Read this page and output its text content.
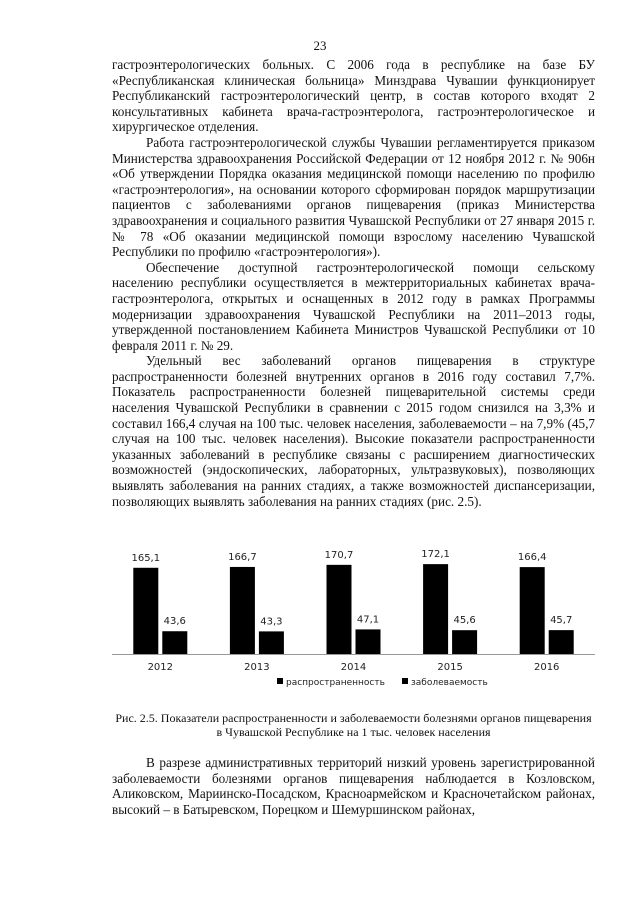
23

гастроэнтерологических больных. С 2006 года в республике на базе БУ «Республиканская клиническая больница» Минздрава Чувашии функционирует Республиканский гастроэнтерологический центр, в состав которого входят 2 консультативных кабинета врача-гастроэнтеролога, гастроэнтерологическое и хирургическое отделения.

Работа гастроэнтерологической службы Чувашии регламентируется приказом Министерства здравоохранения Российской Федерации от 12 ноября 2012 г. № 906н «Об утверждении Порядка оказания медицинской помощи населению по профилю «гастроэнтерология», на основании которого сформирован порядок маршрутизации пациентов с заболеваниями органов пищеварения (приказ Министерства здравоохранения и социального развития Чувашской Республики от 27 января 2015 г. № 78 «Об оказании медицинской помощи взрослому населению Чувашской Республики по профилю «гастроэнтерология»).

Обеспечение доступной гастроэнтерологической помощи сельскому населению республики осуществляется в межтерриториальных кабинетах врача-гастроэнтеролога, открытых и оснащенных в 2012 году в рамках Программы модернизации здравоохранения Чувашской Республики на 2011–2013 годы, утвержденной постановлением Кабинета Министров Чувашской Республики от 10 февраля 2011 г. № 29.

Удельный вес заболеваний органов пищеварения в структуре распространенности болезней внутренних органов в 2016 году составил 7,7%. Показатель распространенности болезней пищеварительной системы среди населения Чувашской Республики в сравнении с 2015 годом снизился на 3,3% и составил 166,4 случая на 100 тыс. человек населения, заболеваемости – на 7,9% (45,7 случая на 100 тыс. человек населения). Высокие показатели распространенности указанных заболеваний в республике связаны с расширением диагностических возможностей (эндоскопических, лабораторных, ультразвуковых), позволяющих выявлять заболевания на ранних стадиях, а также возможностей диспансеризации, позволяющих выявлять заболевания на ранних стадиях (рис. 2.5).

165,1
43,6
2012
166,7
43,3
2013
170,7
47,1
2014
172,1
45,6
2015
166,4
45,7
2016
распространенность	заболеваемость
Рис. 2.5. Показатели распространенности и заболеваемости болезнями органов пищеварения в Чувашской Республике на 1 тыс. человек населения

В разрезе административных территорий низкий уровень зарегистрированной заболеваемости болезнями органов пищеварения наблюдается в Козловском, Аликовском, Мариинско-Посадском, Красноармейском и Красночетайском районах, высокий – в Батыревском, Порецком и Шемуршинском районах,
